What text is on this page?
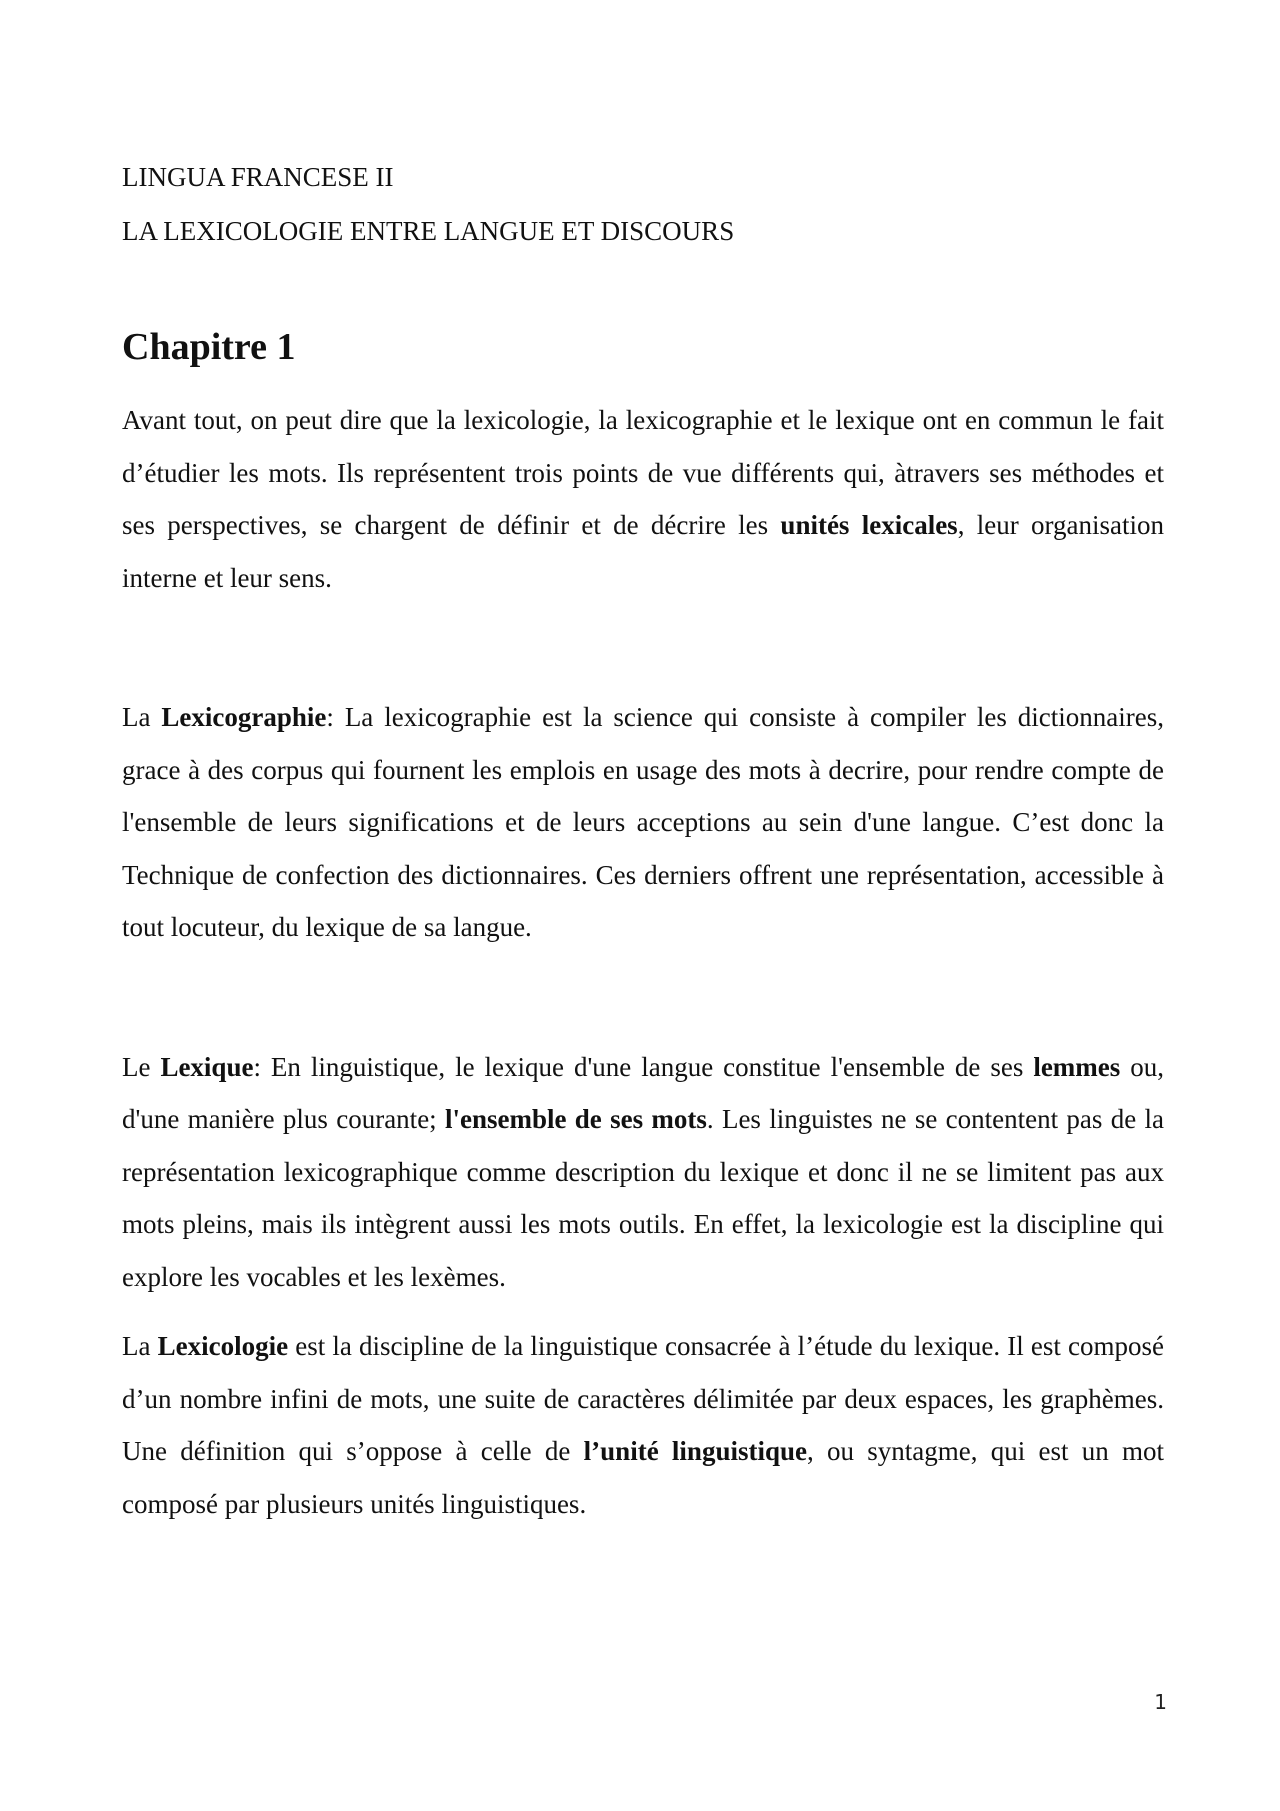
LINGUA FRANCESE II

LA LEXICOLOGIE ENTRE LANGUE ET DISCOURS

Chapitre 1

Avant tout, on peut dire que la lexicologie, la lexicographie et le lexique ont en commun le fait d’étudier les mots. Ils représentent trois points de vue différents qui, àtravers ses méthodes et ses perspectives, se chargent de définir et de décrire les unités lexicales, leur organisation interne et leur sens.

La Lexicographie: La lexicographie est la science qui consiste à compiler les dictionnaires, grace à des corpus qui fournent les emplois en usage des mots à decrire, pour rendre compte de l'ensemble de leurs significations et de leurs acceptions au sein d'une langue. C’est donc la Technique de confection des dictionnaires. Ces derniers offrent une représentation, accessible à tout locuteur, du lexique de sa langue.

Le Lexique: En linguistique, le lexique d'une langue constitue l'ensemble de ses lemmes ou, d'une manière plus courante; l'ensemble de ses mots. Les linguistes ne se contentent pas de la représentation lexicographique comme description du lexique et donc il ne se limitent pas aux mots pleins, mais ils intègrent aussi les mots outils. En effet, la lexicologie est la discipline qui explore les vocables et les lexèmes.

La Lexicologie est la discipline de la linguistique consacrée à l’étude du lexique. Il est composé d’un nombre infini de mots, une suite de caractères délimitée par deux espaces, les graphèmes. Une définition qui s’oppose à celle de l’unité linguistique, ou syntagme, qui est un mot composé par plusieurs unités linguistiques.

1
